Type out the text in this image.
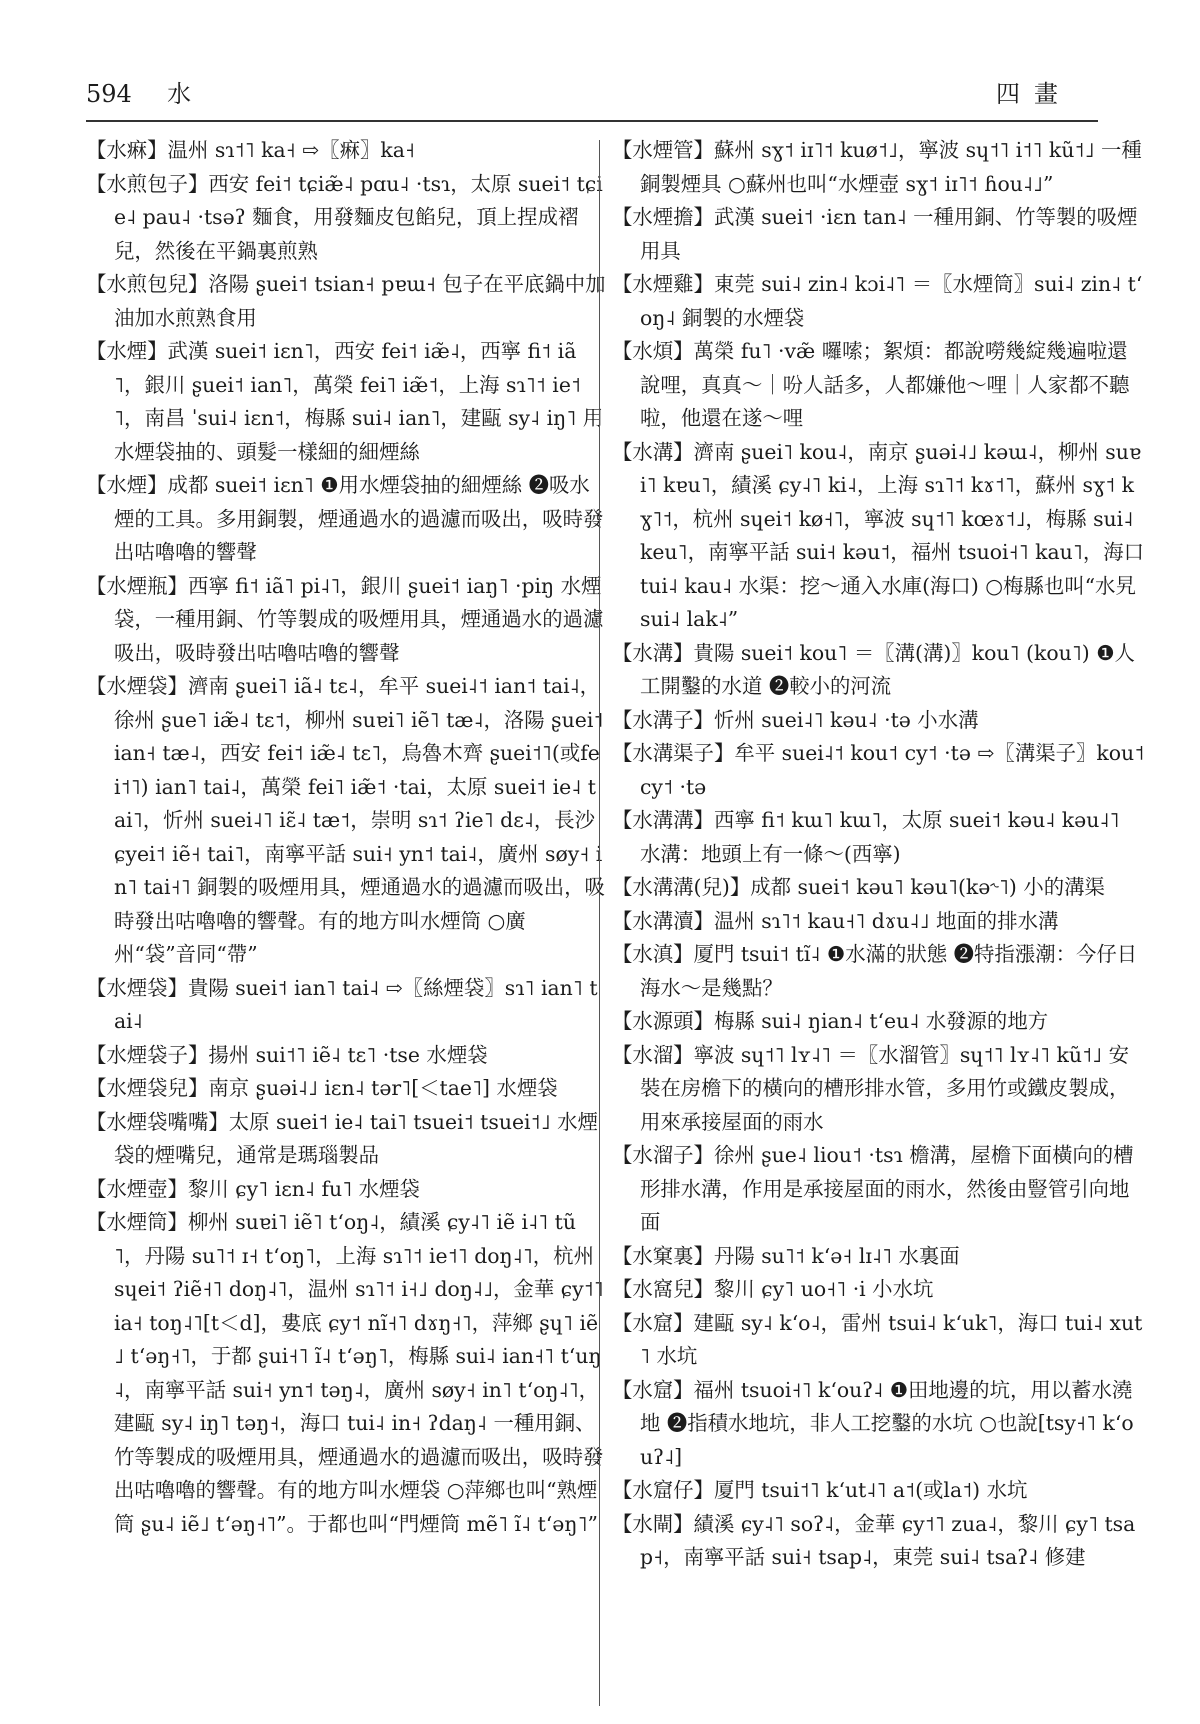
594 水	四畫

【水痳】温州 sɿ˦˥ ka˧ ⇨〖痳〗ka˧

【水煎包子】西安 fei˦ tɕiæ̃˨ pɑu˨ ·tsɿ，太原 suei˦ tɕie˨ pau˨ ·tsəʔ 麵食，用發麵皮包餡兒，頂上捏成褶兒，然後在平鍋裏煎熟

【水煎包兒】洛陽 ʂuei˦ tsian˧ pɐɯ˧ 包子在平底鍋中加油加水煎熟食用

【水煙】武漢 suei˦ iɛn˥，西安 fei˦ iæ̃˨，西寧 fi˦ iã˥，銀川 ʂuei˦ ian˥，萬榮 fei˥ iæ̃˦，上海 sɿ˥˦ ie˦˥，南昌 ˈsui˨ iɛn˦，梅縣 sui˨ ian˥，建甌 sy˨ iŋ˥ 用水煙袋抽的、頭髮一樣細的細煙絲

【水煙】成都 suei˦ iɛn˥ ❶用水煙袋抽的細煙絲 ❷吸水煙的工具。多用銅製，煙通過水的過濾而吸出，吸時發出咕嚕嚕的響聲

【水煙瓶】西寧 fi˦ iã˥ pi˨˥，銀川 ʂuei˦ iaŋ˥ ·piŋ 水煙袋，一種用銅、竹等製成的吸煙用具，煙通過水的過濾吸出，吸時發出咕嚕咕嚕的響聲

【水煙袋】濟南 ʂuei˥ iã˨ tɛ˨，牟平 suei˨˦ ian˦ tai˨，徐州 ʂue˥ iæ̃˨ tɛ˦，柳州 suɐi˥ iẽ˥ tæ˨，洛陽 ʂuei˦ ian˧ tæ˨，西安 fei˦ iæ̃˨ tɛ˥，烏魯木齊 ʂuei˦˥(或fei˦˥) ian˥ tai˨，萬榮 fei˥ iæ̃˦ ·tai，太原 suei˦ ie˨ tai˥，忻州 suei˨˥ iɛ̃˨ tæ˦，崇明 sɿ˦ ʔie˥ dɛ˨，長沙 ɕyei˦ iẽ˧ tai˥，南寧平話 sui˧ yn˦ tai˨，廣州 søy˧ in˥ tai˧˥ 銅製的吸煙用具，煙通過水的過濾而吸出，吸時發出咕嚕嚕的響聲。有的地方叫水煙筒 ○廣州“袋”音同“帶”

【水煙袋】貴陽 suei˦ ian˥ tai˨ ⇨〖絲煙袋〗sɿ˥ ian˥ tai˨

【水煙袋子】揚州 sui˦˥ iẽ˨ tɛ˥ ·tse 水煙袋

【水煙袋兒】南京 ʂuəi˨˩ iɛn˨ tər˥[＜tae˥] 水煙袋

【水煙袋嘴嘴】太原 suei˦ ie˨ tai˥ tsuei˦ tsuei˦˩ 水煙袋的煙嘴兒，通常是瑪瑙製品

【水煙壺】黎川 ɕy˥ iɛn˨ fu˥ 水煙袋

【水煙筒】柳州 suɐi˥ iẽ˥ tʻoŋ˨，績溪 ɕy˨˥ iẽ i˨˥ tũ˥，丹陽 su˥˦ ɪ˧ tʻoŋ˥，上海 sɿ˥˦ ie˦˥ doŋ˨˥，杭州 sɥei˦ ʔiẽ˧˥ doŋ˨˥，温州 sɿ˥˦ i˧˩ doŋ˨˩，金華 ɕy˦˥ ia˧ toŋ˨˥[t＜d]，婁底 ɕy˦ nĩ˧˥ dɤŋ˧˥，萍鄉 ʂɥ˥ iẽ˩ tʻəŋ˧˥，于都 ʂui˧˥ ĩ˨ tʻəŋ˥，梅縣 sui˨ ian˧˥ tʻuŋ˨，南寧平話 sui˧ yn˦ təŋ˨，廣州 søy˧ in˥ tʻoŋ˨˥，建甌 sy˨ iŋ˥ təŋ˧，海口 tui˨ in˧ ʔdaŋ˨ 一種用銅、竹等製成的吸煙用具，煙通過水的過濾而吸出，吸時發出咕嚕嚕的響聲。有的地方叫水煙袋 ○萍鄉也叫“熟煙筒 ʂu˨ iẽ˩ tʻəŋ˧˥”。于都也叫“門煙筒 mẽ˥ ĩ˨ tʻəŋ˥”

【水煙管】蘇州 sɣ˦ iɪ˥˦ kuø˦˩，寧波 sɥ˦˥ i˦˥ kũ˦˩ 一種銅製煙具 ○蘇州也叫“水煙壺 sɣ˦ iɪ˥˦ ɦou˨˩”

【水煙擔】武漢 suei˦ ·iɛn tan˨ 一種用銅、竹等製的吸煙用具

【水煙雞】東莞 sui˨ zin˨ kɔi˨˥ ＝〖水煙筒〗sui˨ zin˨ tʻoŋ˨ 銅製的水煙袋

【水煩】萬榮 fu˥ ·væ̃ 囉嗦；絮煩：都說嘮幾綻幾遍啦還說哩，真真～｜吩人話多，人都嫌他～哩｜人家都不聽啦，他還在遂～哩

【水溝】濟南 ʂuei˥ kou˨，南京 ʂuəi˨˩ kəɯ˨，柳州 suɐi˥ kɐu˥，績溪 ɕy˨˥ ki˨，上海 sɿ˥˦ kɤ˦˥，蘇州 sɣ˦ kɣ˥˦，杭州 sɥei˦ kø˧˥，寧波 sɥ˦˥ kœɤ˦˩，梅縣 sui˨ keu˥，南寧平話 sui˧ kəu˦，福州 tsuoi˧˥ kau˥，海口 tui˨ kau˨ 水渠：挖～通入水庫(海口) ○梅縣也叫“水旯 sui˨ lak˨”

【水溝】貴陽 suei˦ kou˥ ＝〖溝(溝)〗kou˥ (kou˥) ❶人工開鑿的水道 ❷較小的河流

【水溝子】忻州 suei˨˥ kəu˨ ·tə 小水溝

【水溝渠子】牟平 suei˨˦ kou˦ cy˦ ·tə ⇨〖溝渠子〗kou˦ cy˦ ·tə

【水溝溝】西寧 fi˦ kɯ˥ kɯ˥，太原 suei˦ kəu˨ kəu˨˥ 水溝：地頭上有一條～(西寧)

【水溝溝(兒)】成都 suei˦ kəu˥ kəu˥(kə˞˥) 小的溝渠

【水溝瀆】温州 sɿ˥˦ kau˧˥ dɤu˨˩ 地面的排水溝

【水滇】厦門 tsui˦ tĩ˨ ❶水滿的狀態 ❷特指漲潮：今仔日海水～是幾點？

【水源頭】梅縣 sui˨ ŋian˨ tʻeu˨ 水發源的地方

【水溜】寧波 sɥ˦˥ lʏ˨˥ ＝〖水溜管〗sɥ˦˥ lʏ˨˥ kũ˦˩ 安裝在房檐下的橫向的槽形排水管，多用竹或鐵皮製成，用來承接屋面的雨水

【水溜子】徐州 ʂue˨ liou˦ ·tsɿ 檐溝，屋檐下面橫向的槽形排水溝，作用是承接屋面的雨水，然後由豎管引向地面

【水窠裏】丹陽 su˥˦ kʻə˧ lɪ˨˥ 水裏面

【水窩兒】黎川 ɕy˥ uo˧˥ ·i 小水坑

【水窟】建甌 sy˨ kʻo˨，雷州 tsui˨ kʻuk˥，海口 tui˨ xut˥ 水坑

【水窟】福州 tsuoi˧˥ kʻouʔ˨ ❶田地邊的坑，用以蓄水澆地 ❷指積水地坑，非人工挖鑿的水坑 ○也說[tsy˧˥ kʻouʔ˨]

【水窟仔】厦門 tsui˦˥ kʻut˨˥ a˦(或la˦) 水坑

【水閘】績溪 ɕy˨˥ soʔ˨，金華 ɕy˦˥ zua˨，黎川 ɕy˥ tsap˧，南寧平話 sui˧ tsap˨，東莞 sui˨ tsaʔ˨ 修建
